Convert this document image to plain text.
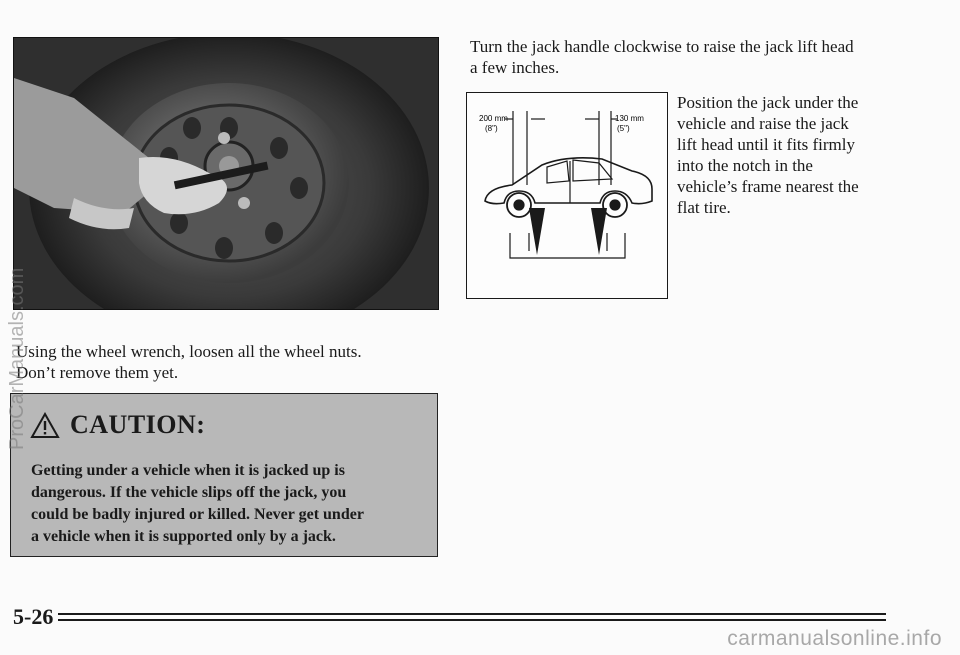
Using the wheel wrench, loosen all the wheel nuts.
Don’t remove them yet.

Turn the jack handle clockwise to raise the jack lift head
a few inches.

200 mm
(8")
130 mm
(5")

Position the jack under the
vehicle and raise the jack
lift head until it fits firmly
into the notch in the
vehicle’s frame nearest the
flat tire.

CAUTION:
Getting under a vehicle when it is jacked up is
dangerous. If the vehicle slips off the jack, you
could be badly injured or killed. Never get under
a vehicle when it is supported only by a jack.
5-26
ProCarManuals.com
carmanualsonline.info
